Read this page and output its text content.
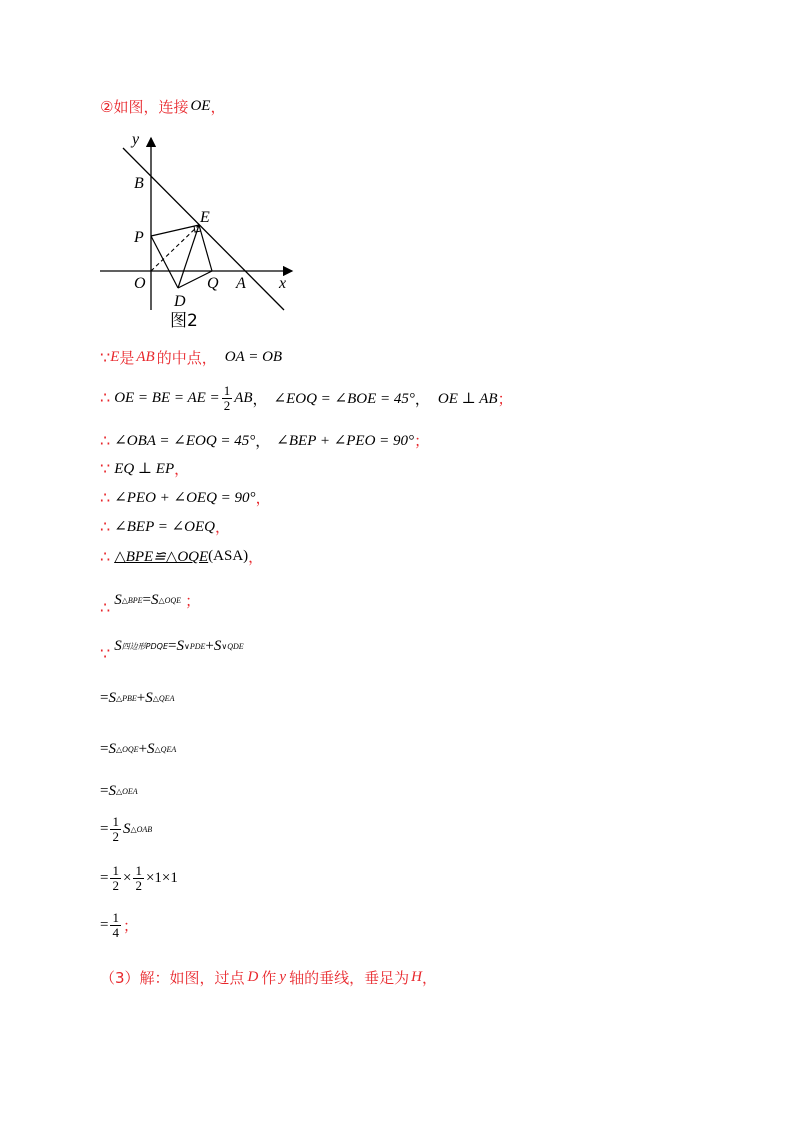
②如图，连接 OE ，
y
B
E
P
O
D
Q A x
图2
∵ E 是 AB 的中点， OA = OB
∴ OE = BE = AE = $\frac{1}{2}$ AB ， ∠EOQ = ∠BOE = 45° ， OE ⊥ AB ；
∴ ∠OBA = ∠EOQ = 45° ， ∠BEP + ∠PEO = 90° ；
∵ EQ ⊥ EP ，
∴ ∠PEO + ∠OEQ = 90° ，
∴ ∠BEP = ∠OEQ ，
∴ △BPE≌△OQE (ASA) ，
∴
S △BPE = S △OQE ；
∵
S 四边形PDQE = S ∨PDE + S ∨QDE
= S △PBE + S △QEA
= S △OQE + S △QEA
= S △OEA
= $\frac{1}{2}$ S △OAB
= $\frac{1}{2} \times \frac{1}{2} \times 1\times 1$
= $\frac{1}{4}$ ；
（3）解：如图，过点 D 作 y 轴的垂线，垂足为 H ，
